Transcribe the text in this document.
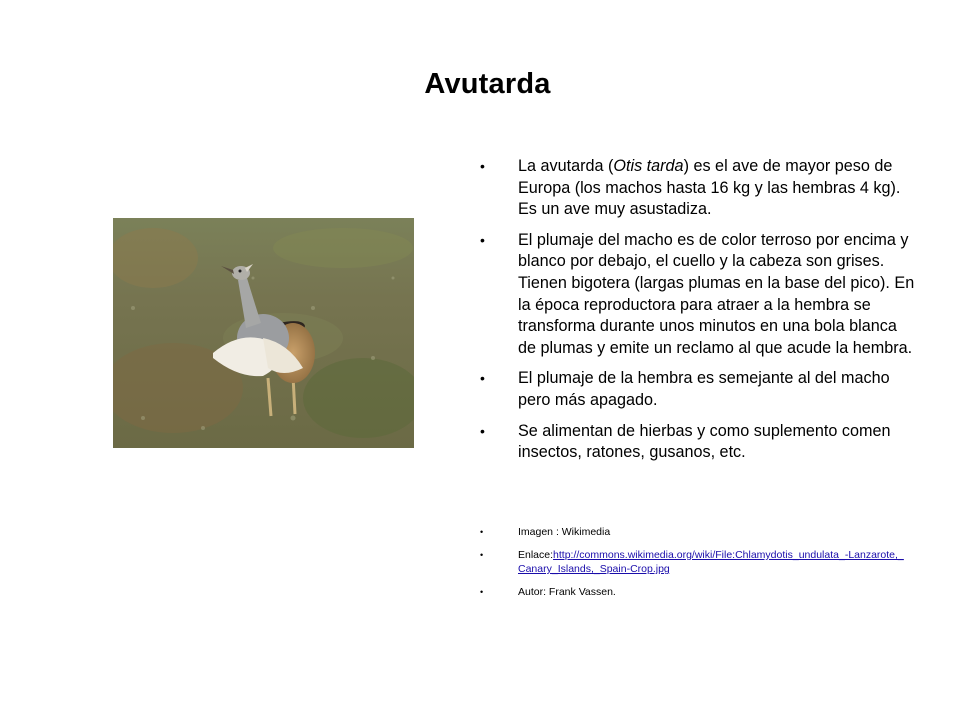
Avutarda
• La avutarda (Otis tarda) es el ave de mayor peso de Europa (los machos hasta 16 kg y las hembras 4 kg). Es un ave muy asustadiza.
• El plumaje del macho es de color terroso por encima y blanco por debajo, el cuello y la cabeza son grises. Tienen bigotera (largas plumas en la base del pico). En la época reproductora para atraer a la hembra se transforma durante unos minutos en una bola blanca de plumas y emite un reclamo al que acude la hembra.
• El plumaje de la hembra es semejante al del macho pero más apagado.
• Se alimentan de hierbas y como suplemento comen insectos, ratones, gusanos, etc.
•	Imagen : Wikimedia
•	Enlace:http://commons.wikimedia.org/wiki/File:Chlamydotis_undulata_-Lanzarote,_Canary_Islands,_Spain-Crop.jpg
•	Autor: Frank Vassen.
